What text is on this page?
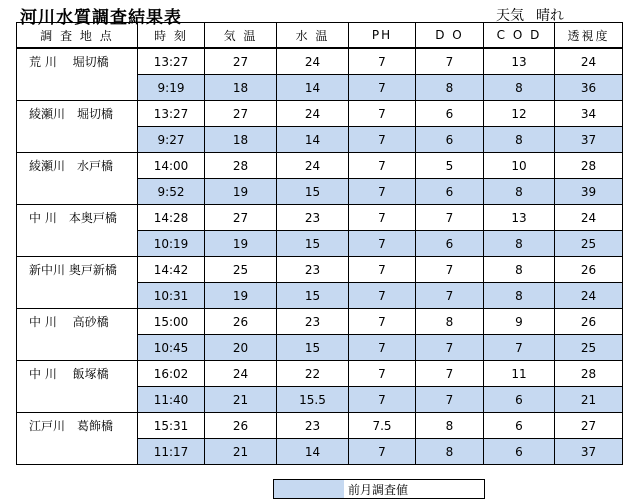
河川水質調査結果表	天気 晴れ
調 査 地 点	時 刻	気 温	水 温	PH	D O	C O D	透視度
荒 川　 堀切橋	13:27	27	24	7	7	13	24
	9:19	18	14	7	8	8	36
綾瀬川　堀切橋	13:27	27	24	7	6	12	34
	9:27	18	14	7	6	8	37
綾瀬川　水戸橋	14:00	28	24	7	5	10	28
	9:52	19	15	7	6	8	39
中 川　本奥戸橋	14:28	27	23	7	7	13	24
	10:19	19	15	7	6	8	25
新中川 奥戸新橋	14:42	25	23	7	7	8	26
	10:31	19	15	7	7	8	24
中 川　 高砂橋	15:00	26	23	7	8	9	26
	10:45	20	15	7	7	7	25
中 川　 飯塚橋	16:02	24	22	7	7	11	28
	11:40	21	15.5	7	7	6	21
江戸川　葛飾橋	15:31	26	23	7.5	8	6	27
	11:17	21	14	7	8	6	37
前月調査値
